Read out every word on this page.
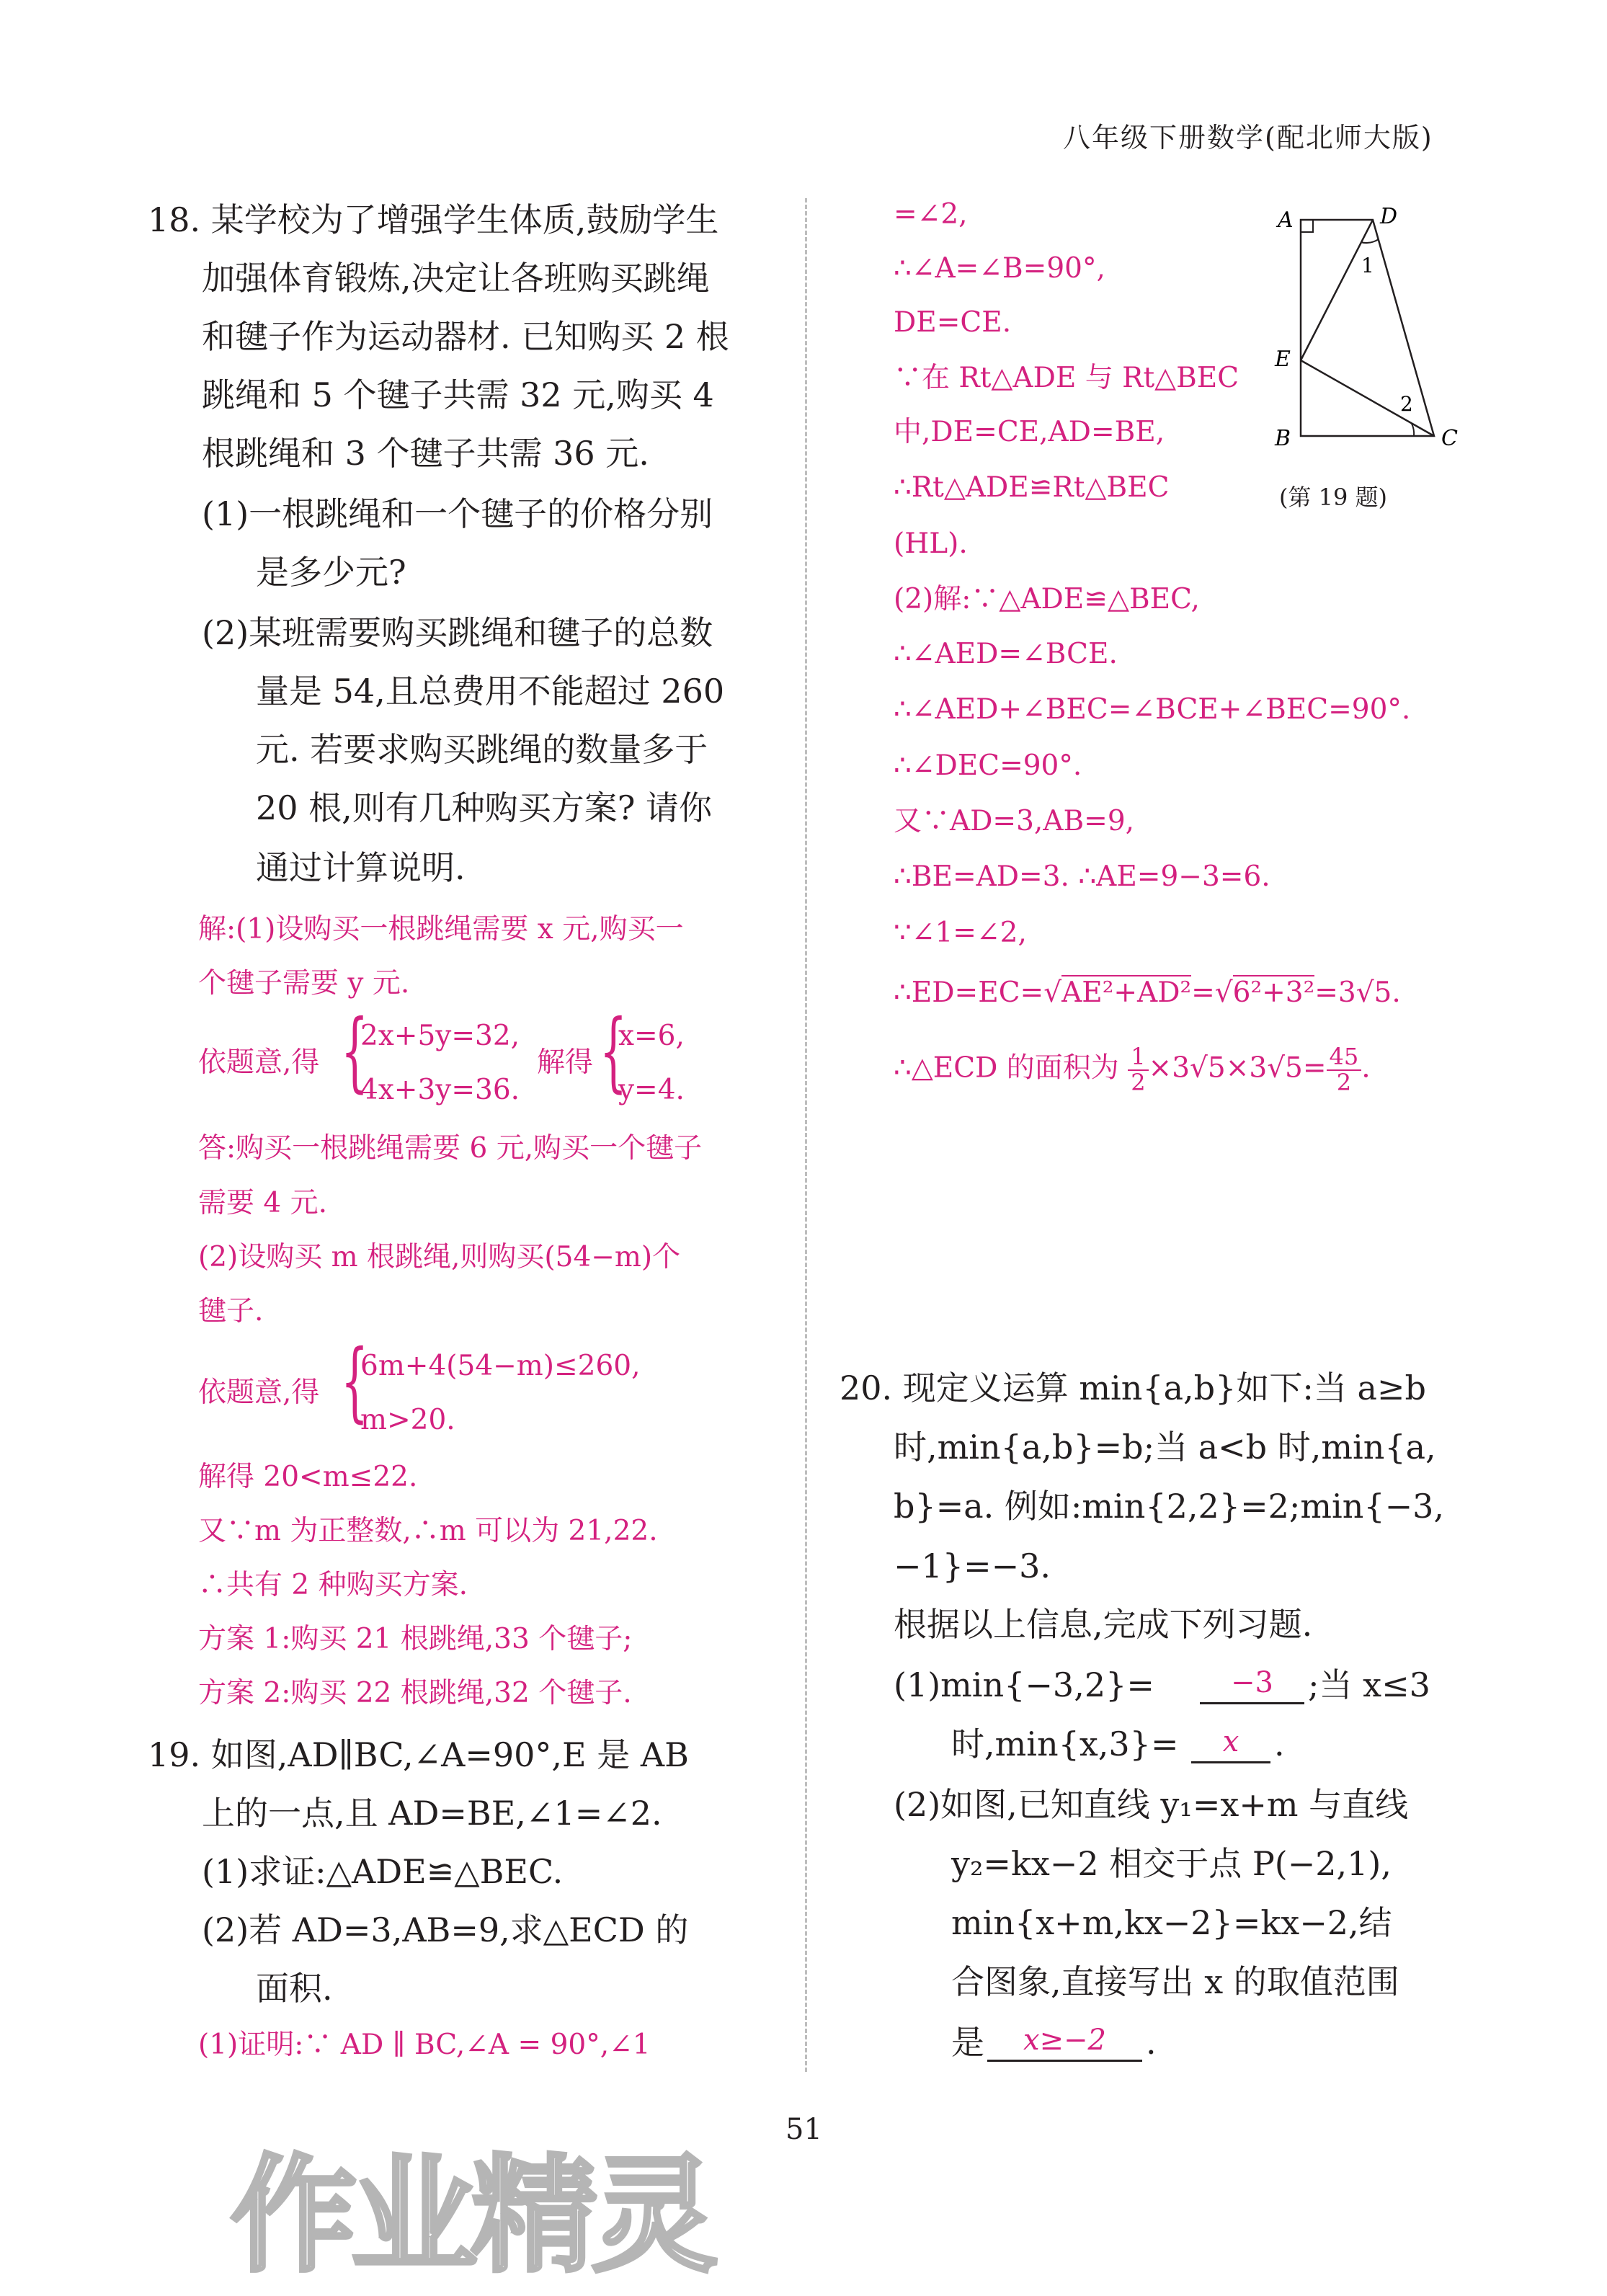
八年级下册数学(配北师大版)
18. 某学校为了增强学生体质,鼓励学生
加强体育锻炼,决定让各班购买跳绳
和毽子作为运动器材. 已知购买 2 根
跳绳和 5 个毽子共需 32 元,购买 4
根跳绳和 3 个毽子共需 36 元.
(1)一根跳绳和一个毽子的价格分别
是多少元?
(2)某班需要购买跳绳和毽子的总数
量是 54,且总费用不能超过 260
元. 若要求购买跳绳的数量多于
20 根,则有几种购买方案? 请你
通过计算说明.
解:(1)设购买一根跳绳需要 x 元,购买一
个毽子需要 y 元.
依题意,得 {
2x+5y=32,
4x+3y=36.
解得 {
x=6,
y=4.
答:购买一根跳绳需要 6 元,购买一个毽子
需要 4 元.
(2)设购买 m 根跳绳,则购买(54−m)个
毽子.
依题意,得 {
6m+4(54−m)≤260,
m>20.
解得 20<m≤22.
又∵m 为正整数,∴m 可以为 21,22.
∴共有 2 种购买方案.
方案 1:购买 21 根跳绳,33 个毽子;
方案 2:购买 22 根跳绳,32 个毽子.
19. 如图,AD∥BC,∠A=90°,E 是 AB
上的一点,且 AD=BE,∠1=∠2.
(1)求证:△ADE≌△BEC.
(2)若 AD=3,AB=9,求△ECD 的
面积.
(1)证明:∵ AD ∥ BC,∠A = 90°,∠1
=∠2,
∴∠A=∠B=90°,
DE=CE.
∵在 Rt△ADE 与 Rt△BEC
中,DE=CE,AD=BE,
∴Rt△ADE≌Rt△BEC
(HL).
(2)解:∵△ADE≌△BEC,
∴∠AED=∠BCE.
∴∠AED+∠BEC=∠BCE+∠BEC=90°.
∴∠DEC=90°.
又∵AD=3,AB=9,
∴BE=AD=3. ∴AE=9−3=6.
∵∠1=∠2,
∴ED=EC=√AE²+AD²=√6²+3²=3√5.
∴△ECD 的面积为 $\frac{1}{2} \times 3√5\times 3√5= \frac{45}{2}$ .
A	D
E
B	C
1
2
(第 19 题)
20. 现定义运算 min{a,b}如下:当 a≥b
时,min{a,b}=b;当 a<b 时,min{a,
b}=a. 例如:min{2,2}=2;min{−3,
−1}=−3.
根据以上信息,完成下列习题.
(1)min{−3,2}=	−3	;当 x≤3
时,min{x,3}=	x	.
(2)如图,已知直线 y₁=x+m 与直线
y₂=kx−2 相交于点 P(−2,1),
min{x+m,kx−2}=kx−2,结
合图象,直接写出 x 的取值范围
是	x≥−2	.
51
作业精灵
